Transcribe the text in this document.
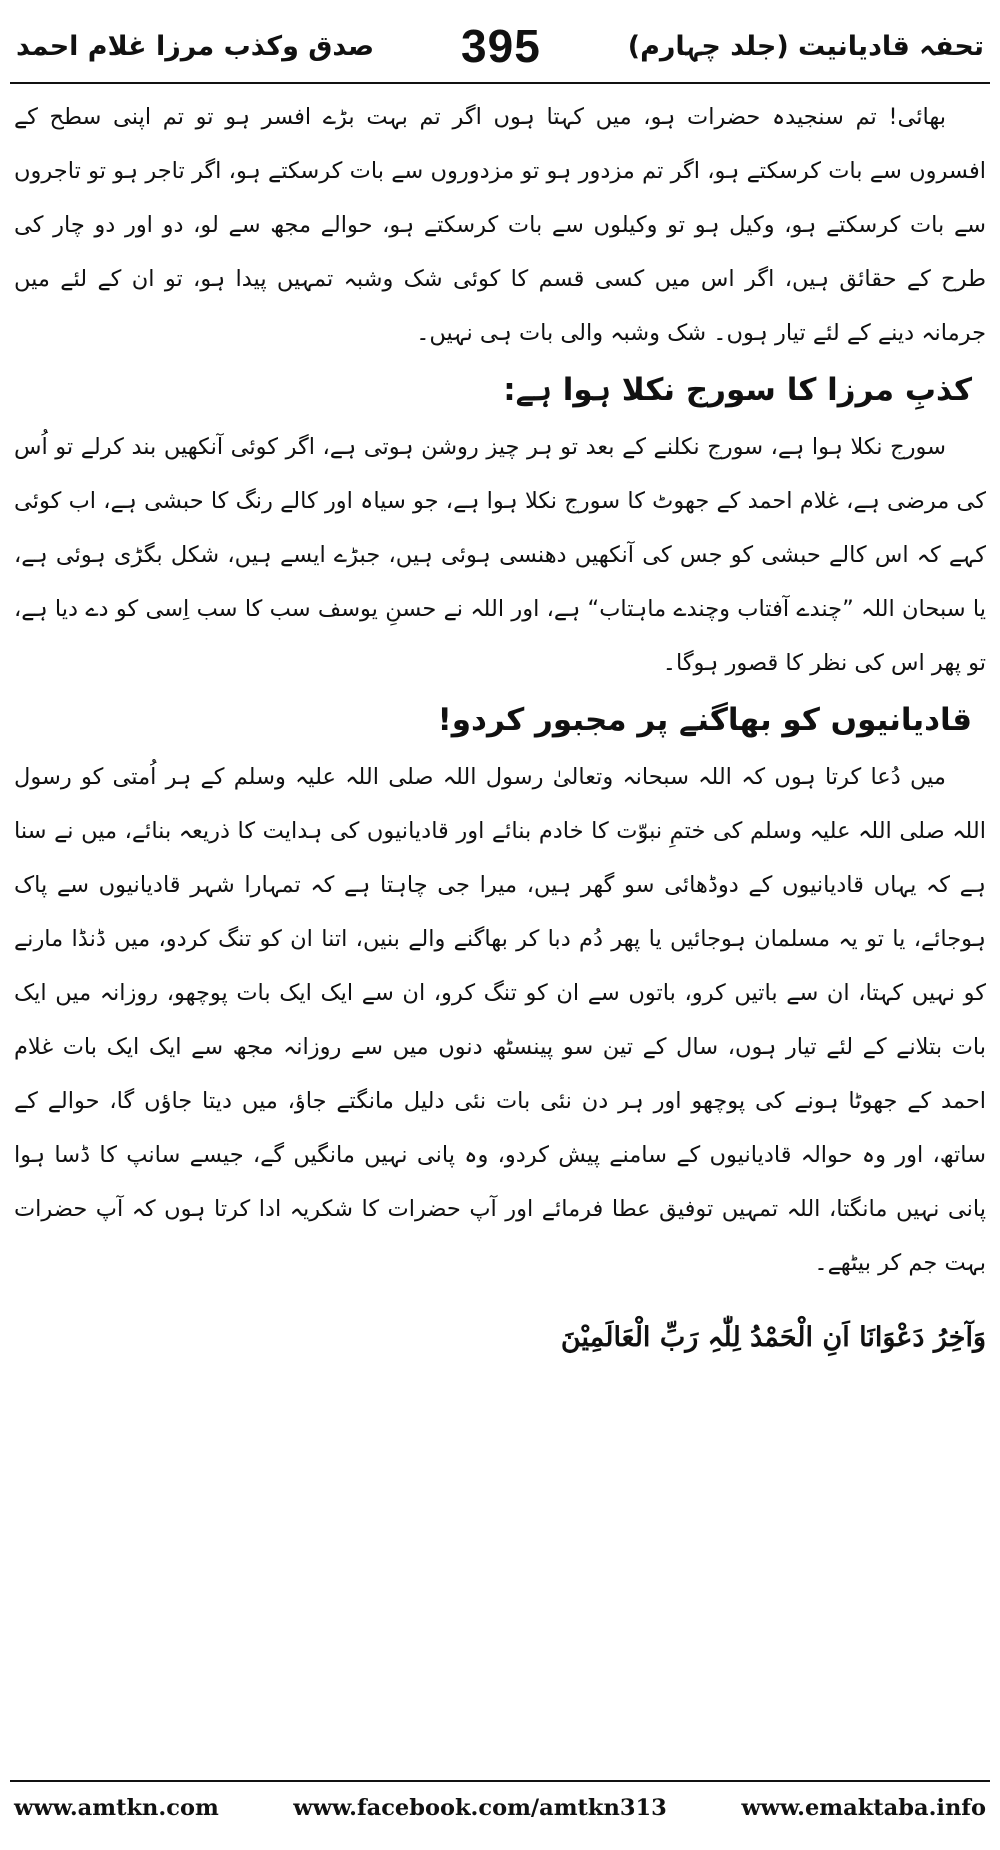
تحفہ قادیانیت (جلد چہارم)
395
صدق وکذب مرزا غلام احمد

بھائی! تم سنجیدہ حضرات ہو، میں کہتا ہوں اگر تم بہت بڑے افسر ہو تو تم اپنی سطح کے افسروں سے بات کرسکتے ہو، اگر تم مزدور ہو تو مزدوروں سے بات کرسکتے ہو، اگر تاجر ہو تو تاجروں سے بات کرسکتے ہو، وکیل ہو تو وکیلوں سے بات کرسکتے ہو، حوالے مجھ سے لو، دو اور دو چار کی طرح کے حقائق ہیں، اگر اس میں کسی قسم کا کوئی شک وشبہ تمہیں پیدا ہو، تو ان کے لئے میں جرمانہ دینے کے لئے تیار ہوں۔ شک وشبہ والی بات ہی نہیں۔

کذبِ مرزا کا سورج نکلا ہوا ہے:

سورج نکلا ہوا ہے، سورج نکلنے کے بعد تو ہر چیز روشن ہوتی ہے، اگر کوئی آنکھیں بند کرلے تو اُس کی مرضی ہے، غلام احمد کے جھوٹ کا سورج نکلا ہوا ہے، جو سیاہ اور کالے رنگ کا حبشی ہے، اب کوئی کہے کہ اس کالے حبشی کو جس کی آنکھیں دھنسی ہوئی ہیں، جبڑے ایسے ہیں، شکل بگڑی ہوئی ہے، یا سبحان اللہ ”چندے آفتاب وچندے ماہتاب“ ہے، اور اللہ نے حسنِ یوسف سب کا سب اِسی کو دے دیا ہے، تو پھر اس کی نظر کا قصور ہوگا۔

قادیانیوں کو بھاگنے پر مجبور کردو!

میں دُعا کرتا ہوں کہ اللہ سبحانہ وتعالیٰ رسول اللہ صلی اللہ علیہ وسلم کے ہر اُمتی کو رسول اللہ صلی اللہ علیہ وسلم کی ختمِ نبوّت کا خادم بنائے اور قادیانیوں کی ہدایت کا ذریعہ بنائے، میں نے سنا ہے کہ یہاں قادیانیوں کے دوڈھائی سو گھر ہیں، میرا جی چاہتا ہے کہ تمہارا شہر قادیانیوں سے پاک ہوجائے، یا تو یہ مسلمان ہوجائیں یا پھر دُم دبا کر بھاگنے والے بنیں، اتنا ان کو تنگ کردو، میں ڈنڈا مارنے کو نہیں کہتا، ان سے باتیں کرو، باتوں سے ان کو تنگ کرو، ان سے ایک ایک بات پوچھو، روزانہ میں ایک بات بتلانے کے لئے تیار ہوں، سال کے تین سو پینسٹھ دنوں میں سے روزانہ مجھ سے ایک ایک بات غلام احمد کے جھوٹا ہونے کی پوچھو اور ہر دن نئی بات نئی دلیل مانگتے جاؤ، میں دیتا جاؤں گا، حوالے کے ساتھ، اور وہ حوالہ قادیانیوں کے سامنے پیش کردو، وہ پانی نہیں مانگیں گے، جیسے سانپ کا ڈسا ہوا پانی نہیں مانگتا، اللہ تمہیں توفیق عطا فرمائے اور آپ حضرات کا شکریہ ادا کرتا ہوں کہ آپ حضرات بہت جم کر بیٹھے۔

وَآخِرُ دَعْوَانَا اَنِ الْحَمْدُ لِلّٰہِ رَبِّ الْعَالَمِیْنَ
www.amtkn.com	www.facebook.com/amtkn313	www.emaktaba.info
